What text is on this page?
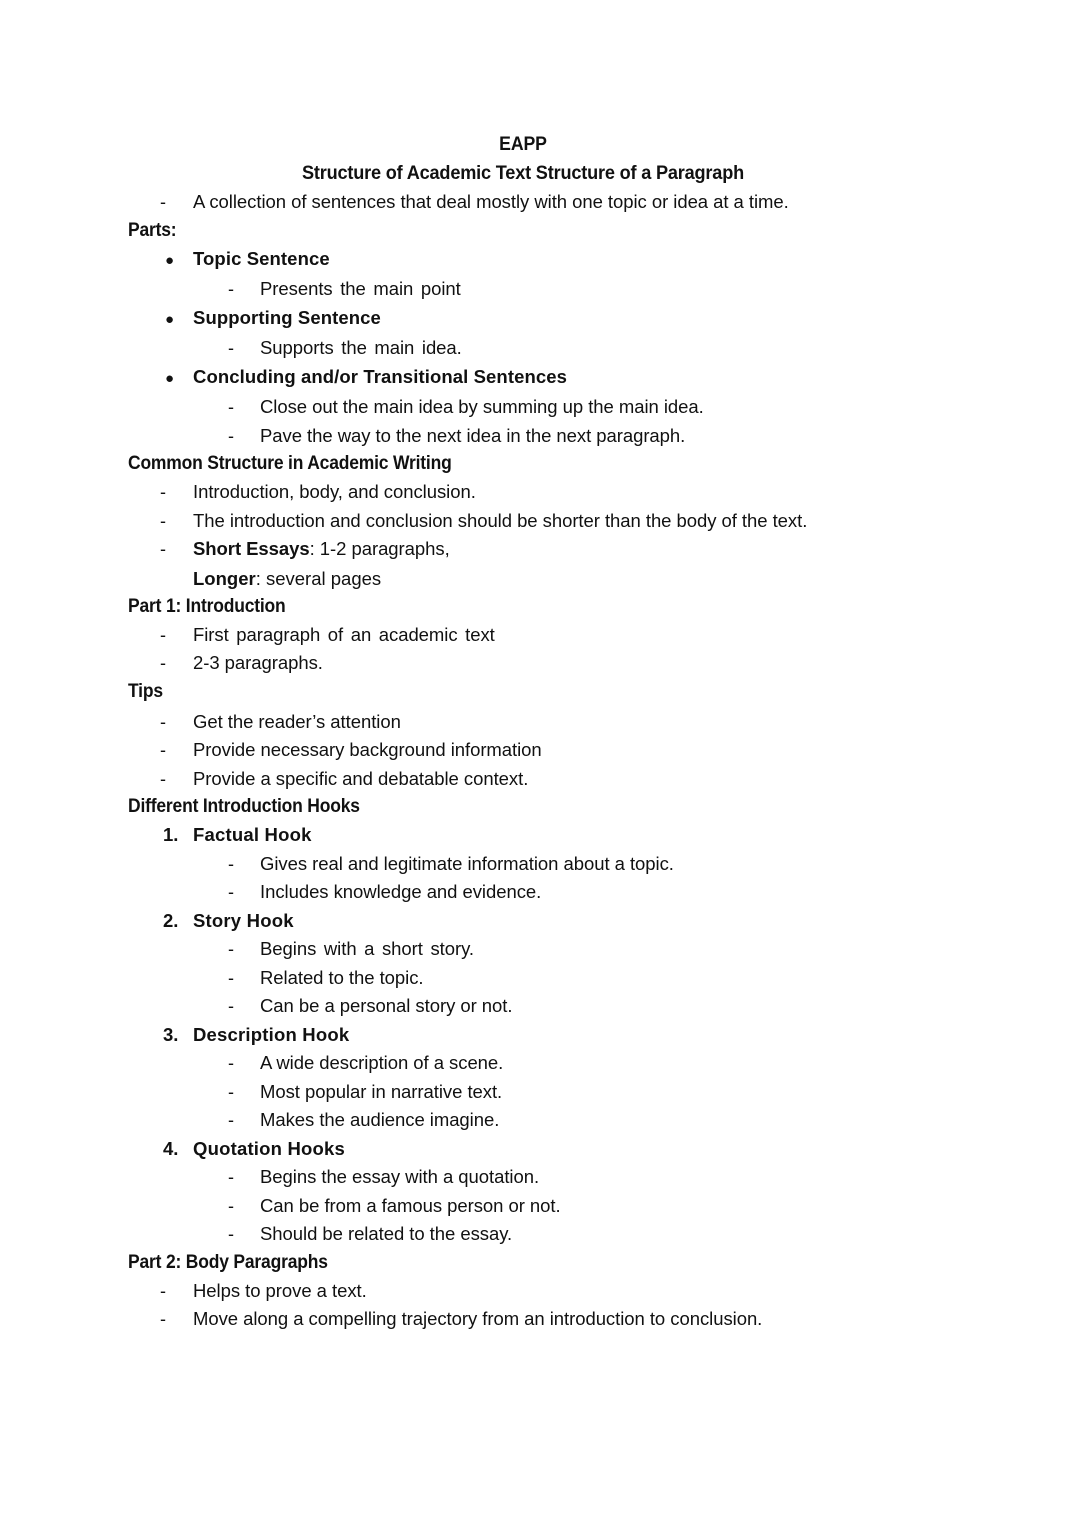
EAPP
Structure of Academic Text Structure of a Paragraph
-	A collection of sentences that deal mostly with one topic or idea at a time.
Parts:
●	Topic Sentence
-	Presents the main point
●	Supporting Sentence
-	Supports the main idea.
●	Concluding and/or Transitional Sentences
-	Close out the main idea by summing up the main idea.
-	Pave the way to the next idea in the next paragraph.
Common Structure in Academic Writing
-	Introduction, body, and conclusion.
-	The introduction and conclusion should be shorter than the body of the text.
-	Short Essays: 1-2 paragraphs,
Longer: several pages
Part 1: Introduction
-	First paragraph of an academic text
-	2-3 paragraphs.
Tips
-	Get the reader’s attention
-	Provide necessary background information
-	Provide a specific and debatable context.
Different Introduction Hooks
1. Factual Hook
-	Gives real and legitimate information about a topic.
-	Includes knowledge and evidence.
2. Story Hook
-	Begins with a short story.
-	Related to the topic.
-	Can be a personal story or not.
3. Description Hook
-	A wide description of a scene.
-	Most popular in narrative text.
-	Makes the audience imagine.
4. Quotation Hooks
-	Begins the essay with a quotation.
-	Can be from a famous person or not.
-	Should be related to the essay.
Part 2: Body Paragraphs
-	Helps to prove a text.
-	Move along a compelling trajectory from an introduction to conclusion.
